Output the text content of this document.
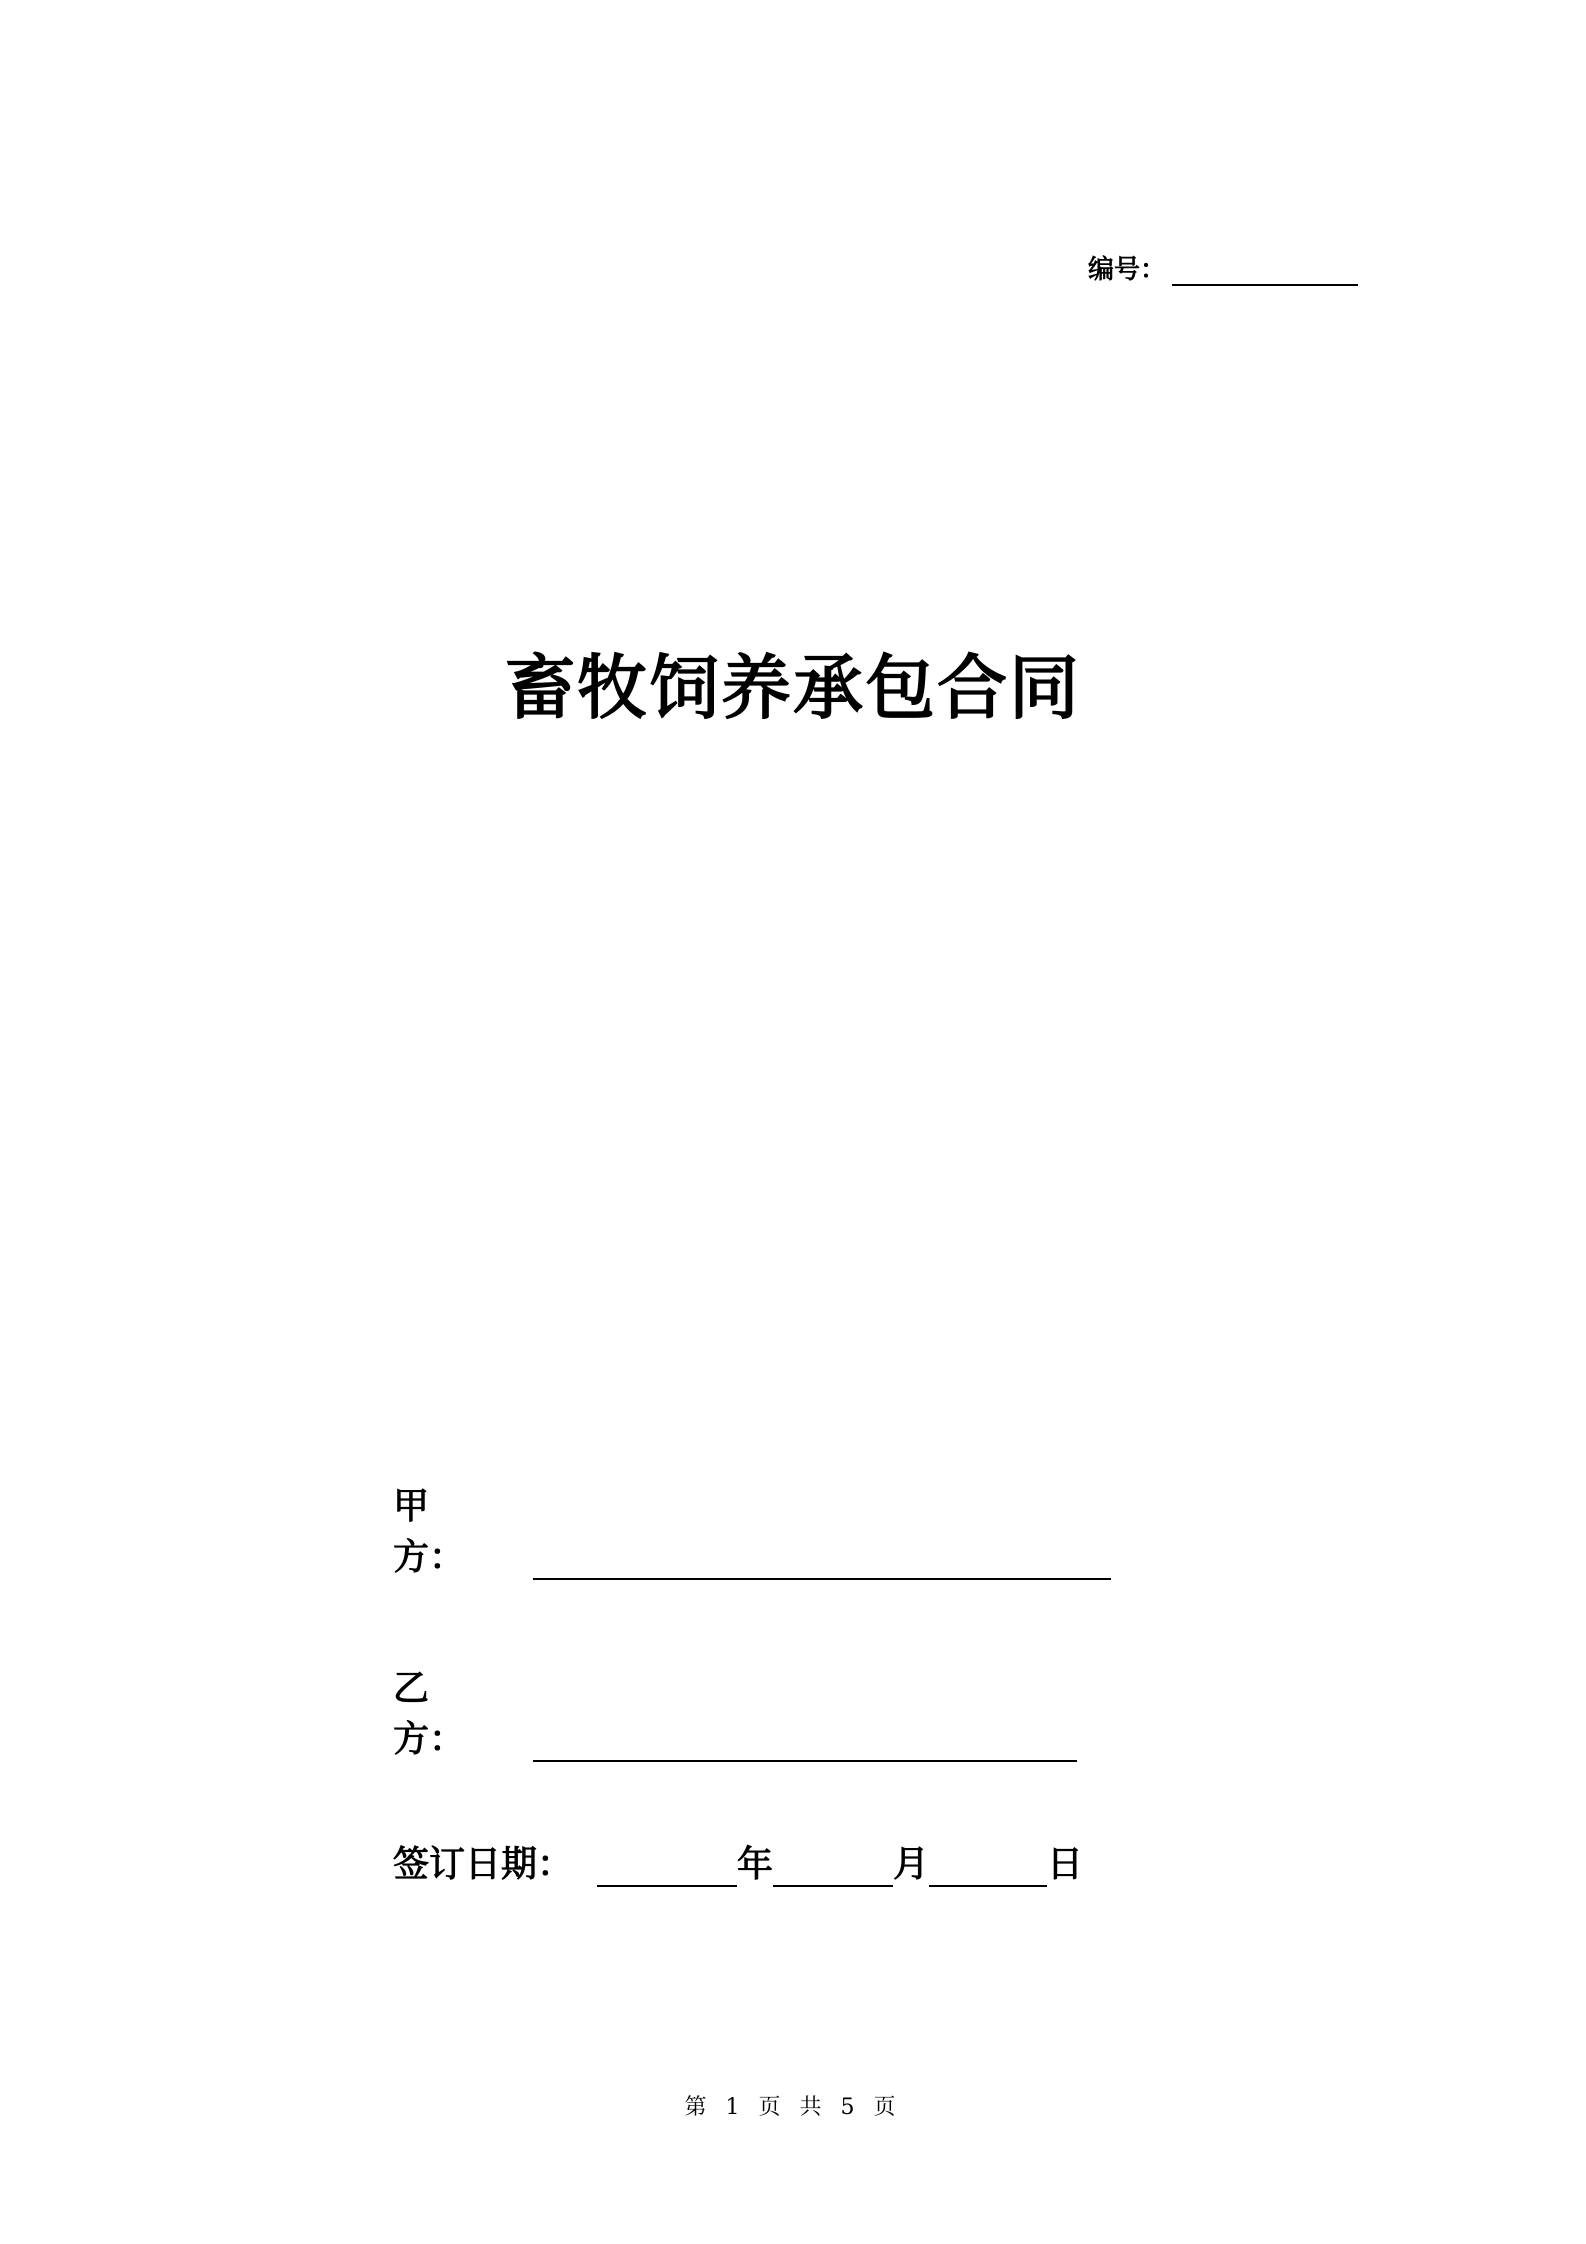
编号：
畜牧饲养承包合同
甲方：
乙方：
签订日期：	年	月	日
第 1 页 共 5 页
